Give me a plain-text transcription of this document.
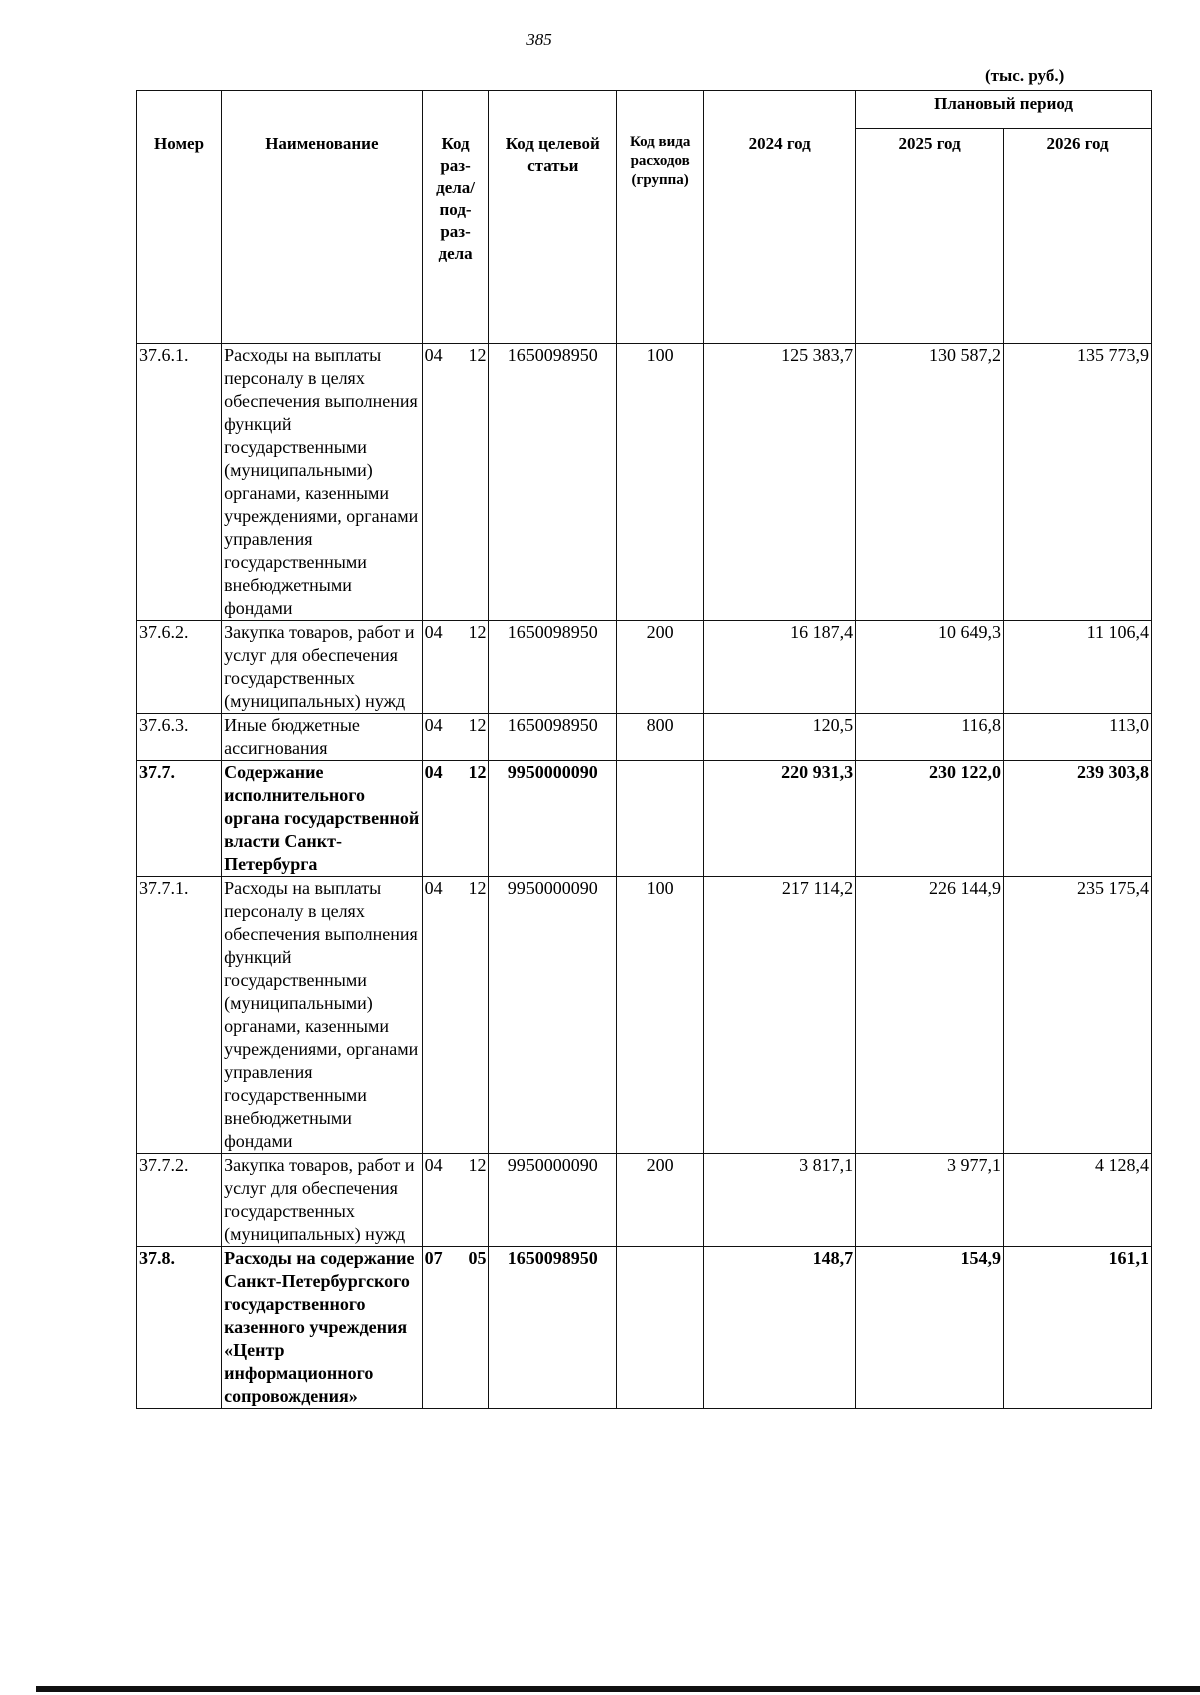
385
(тыс. руб.)
Номер	Наименование	Код раз- дела/ под- раз- дела	Код целевой статьи	Код вида расходов (группа)	2024 год	Плановый период	
						2025 год	2026 год
37.6.1.	Расходы на выплаты персоналу в целях обеспечения выполнения функций государственными (муниципальными) органами, казенными учреждениями, органами управления государственными внебюджетными фондами	04 12	1650098950	100	125 383,7	130 587,2	135 773,9
37.6.2.	Закупка товаров, работ и услуг для обеспечения государственных (муниципальных) нужд	04 12	1650098950	200	16 187,4	10 649,3	11 106,4
37.6.3.	Иные бюджетные ассигнования	04 12	1650098950	800	120,5	116,8	113,0
37.7.	Содержание исполнительного органа государственной власти Санкт-Петербурга	04 12	9950000090		220 931,3	230 122,0	239 303,8
37.7.1.	Расходы на выплаты персоналу в целях обеспечения выполнения функций государственными (муниципальными) органами, казенными учреждениями, органами управления государственными внебюджетными фондами	04 12	9950000090	100	217 114,2	226 144,9	235 175,4
37.7.2.	Закупка товаров, работ и услуг для обеспечения государственных (муниципальных) нужд	04 12	9950000090	200	3 817,1	3 977,1	4 128,4
37.8.	Расходы на содержание Санкт-Петербургского государственного казенного учреждения «Центр информационного сопровождения»	07 05	1650098950		148,7	154,9	161,1
